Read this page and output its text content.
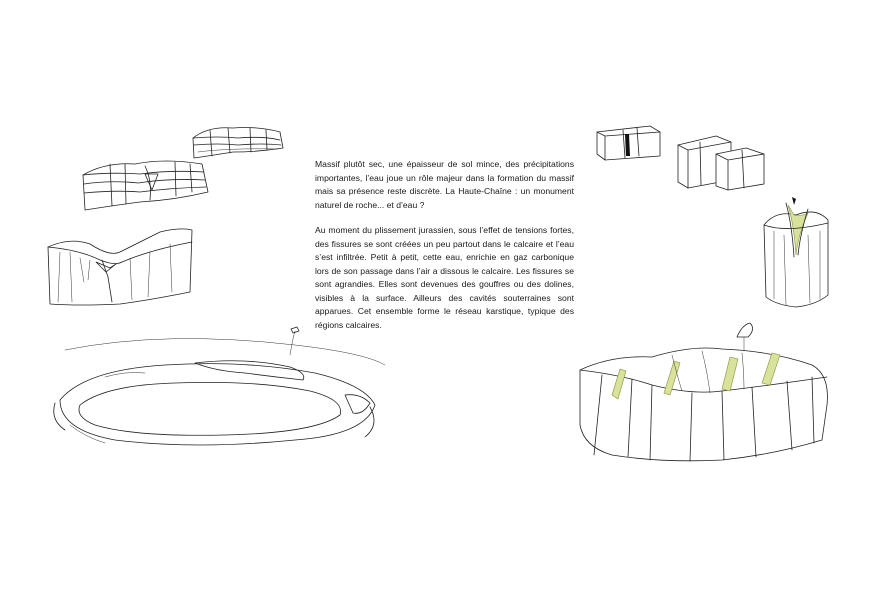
Massif plutôt sec, une épaisseur de sol mince, des précipitations importantes, l’eau joue un rôle majeur dans la formation du massif mais sa présence reste discrète. La Haute-Chaîne : un monument naturel de roche... et d’eau ?

Au moment du plissement jurassien, sous l’effet de tensions fortes, des fissures se sont créées un peu partout dans le calcaire et l’eau s’est infiltrée. Petit à petit, cette eau, enrichie en gaz carbonique lors de son passage dans l’air a dissous le calcaire. Les fissures se sont agrandies. Elles sont devenues des gouffres ou des dolines, visibles à la surface. Ailleurs des cavités souterraines sont apparues. Cet ensemble forme le réseau karstique, typique des régions calcaires.
